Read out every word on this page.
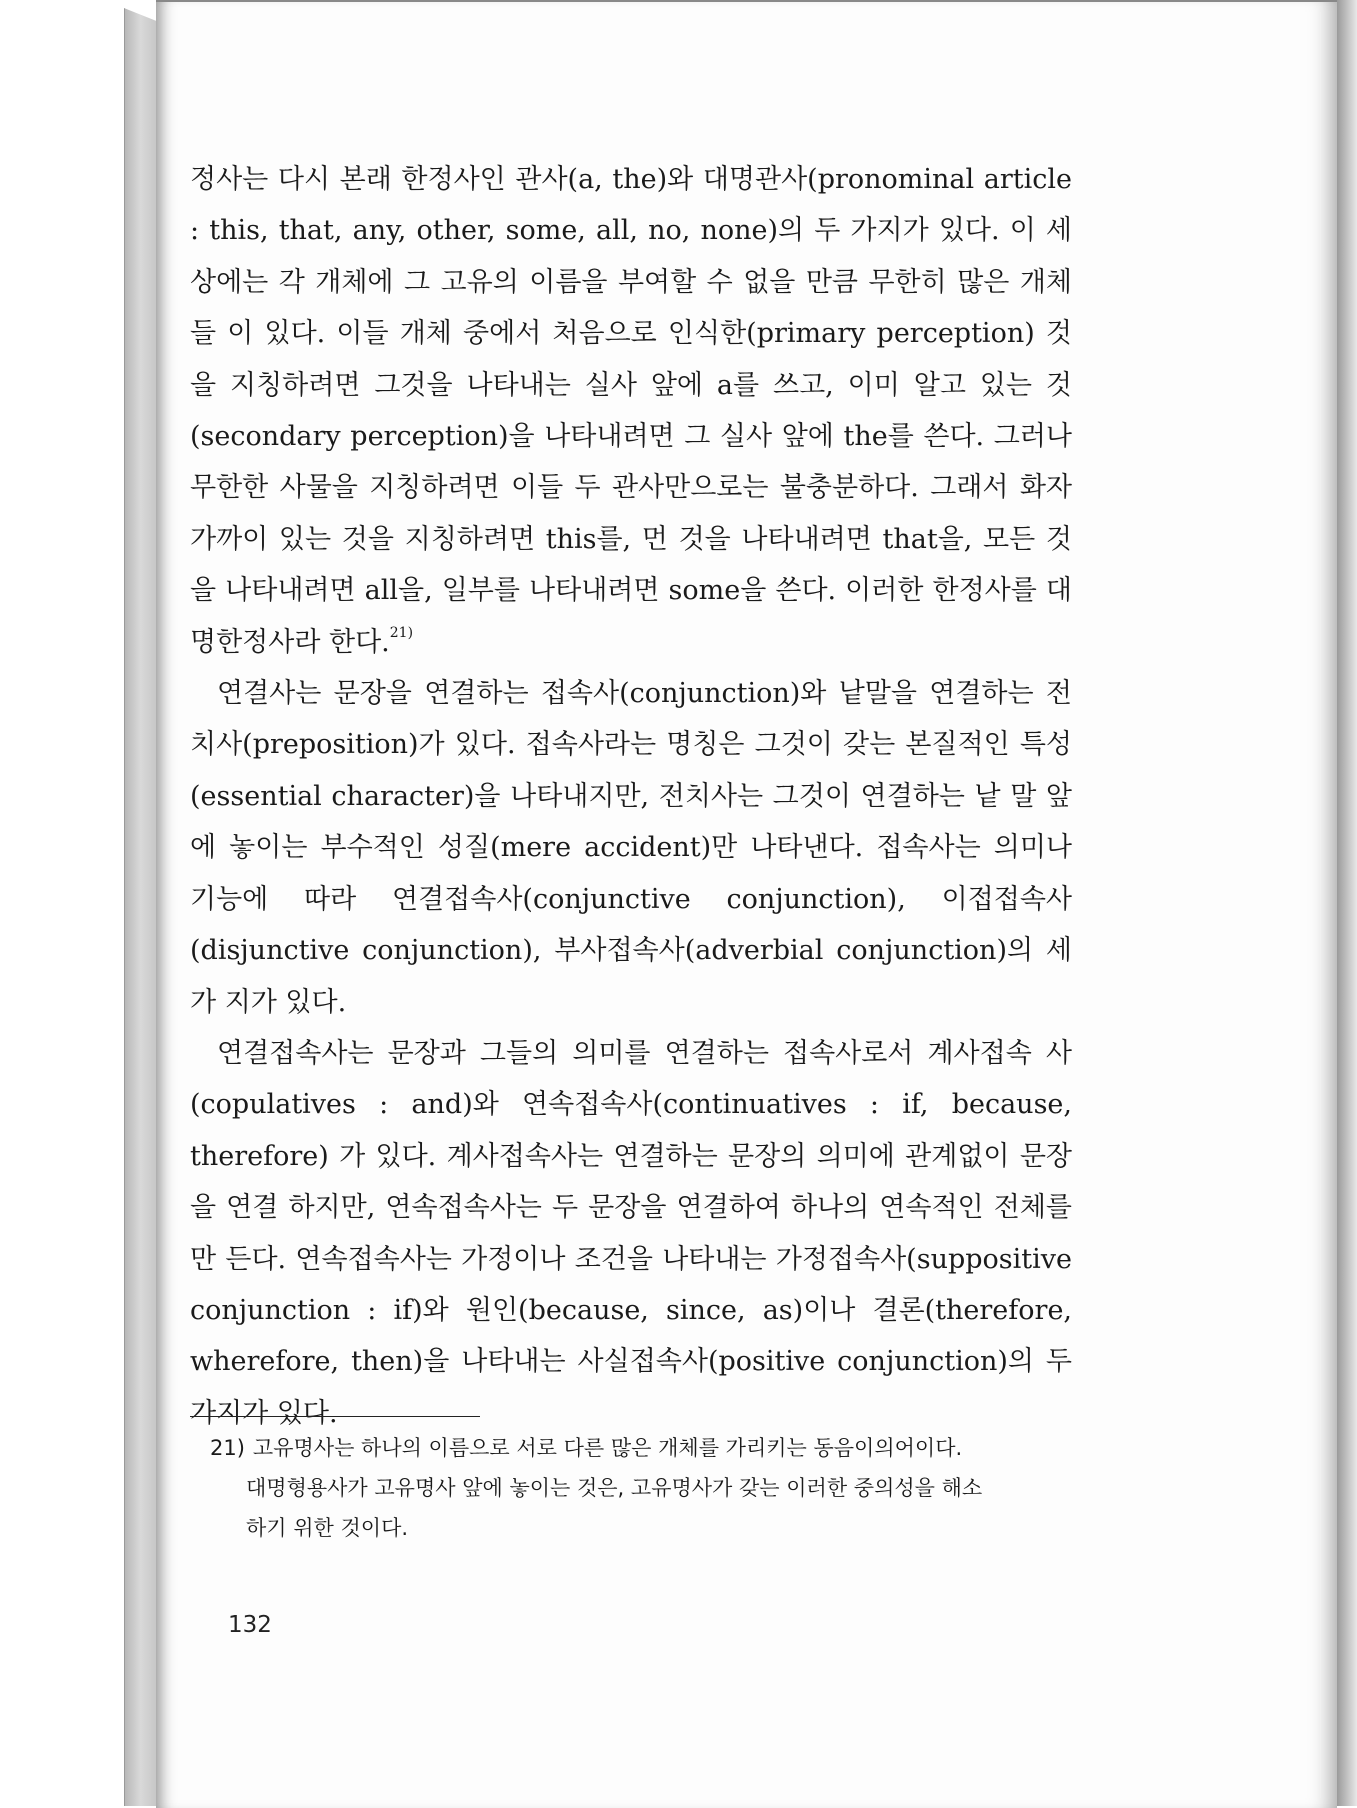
정사는 다시 본래 한정사인 관사(a, the)와 대명관사(pronominal article : this, that, any, other, some, all, no, none)의 두 가지가 있다. 이 세상에는 각 개체에 그 고유의 이름을 부여할 수 없을 만큼 무한히 많은 개체들 이 있다. 이들 개체 중에서 처음으로 인식한(primary perception) 것을 지칭하려면 그것을 나타내는 실사 앞에 a를 쓰고, 이미 알고 있는 것 (secondary perception)을 나타내려면 그 실사 앞에 the를 쓴다. 그러나 무한한 사물을 지칭하려면 이들 두 관사만으로는 불충분하다. 그래서 화자 가까이 있는 것을 지칭하려면 this를, 먼 것을 나타내려면 that을, 모든 것을 나타내려면 all을, 일부를 나타내려면 some을 쓴다. 이러한 한정사를 대명한정사라 한다.$^{21)}$

연결사는 문장을 연결하는 접속사(conjunction)와 낱말을 연결하는 전치사(preposition)가 있다. 접속사라는 명칭은 그것이 갖는 본질적인 특성(essential character)을 나타내지만, 전치사는 그것이 연결하는 낱 말 앞에 놓이는 부수적인 성질(mere accident)만 나타낸다. 접속사는 의미나 기능에 따라 연결접속사(conjunctive conjunction), 이접접속사 (disjunctive conjunction), 부사접속사(adverbial conjunction)의 세 가 지가 있다.

연결접속사는 문장과 그들의 의미를 연결하는 접속사로서 계사접속 사(copulatives : and)와 연속접속사(continuatives : if, because, therefore) 가 있다. 계사접속사는 연결하는 문장의 의미에 관계없이 문장을 연결 하지만, 연속접속사는 두 문장을 연결하여 하나의 연속적인 전체를 만 든다. 연속접속사는 가정이나 조건을 나타내는 가정접속사(suppositive conjunction : if)와 원인(because, since, as)이나 결론(therefore, wherefore, then)을 나타내는 사실접속사(positive conjunction)의 두 가지가 있다.

21) 고유명사는 하나의 이름으로 서로 다른 많은 개체를 가리키는 동음이의어이다.
대명형용사가 고유명사 앞에 놓이는 것은, 고유명사가 갖는 이러한 중의성을 해소
하기 위한 것이다.
132
